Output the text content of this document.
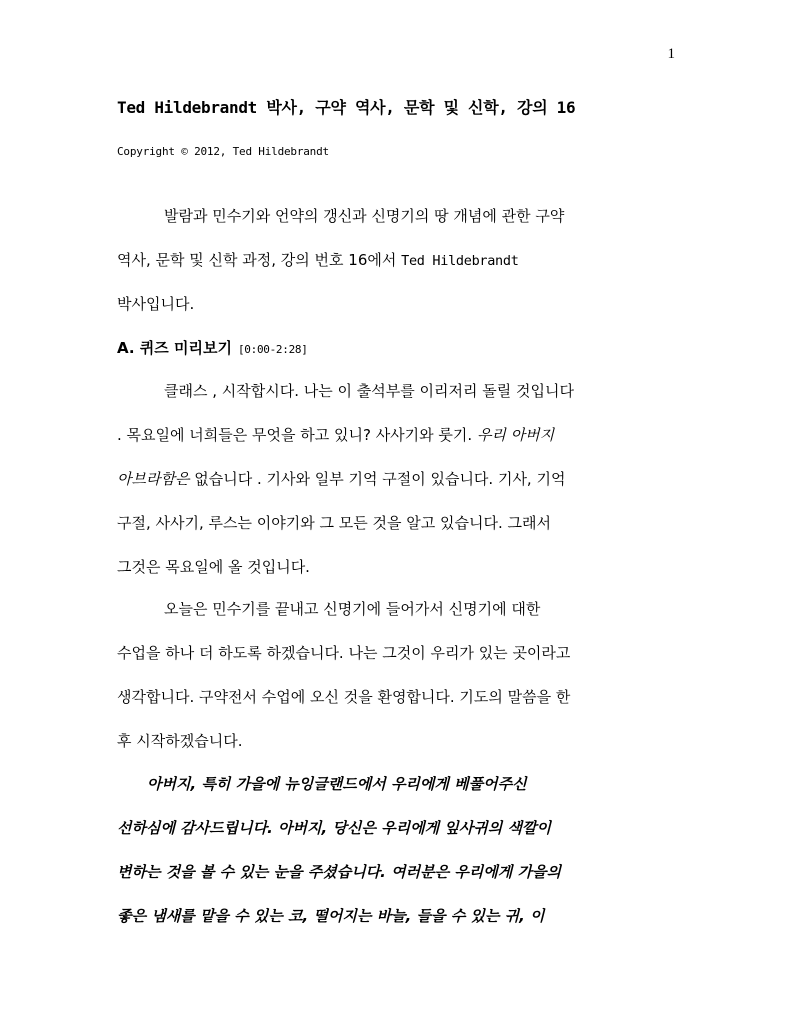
1
Ted Hildebrandt 박사, 구약 역사, 문학 및 신학, 강의 16
Copyright © 2012, Ted Hildebrandt
발람과 민수기와 언약의 갱신과 신명기의 땅 개념에 관한 구약
역사, 문학 및 신학 과정, 강의 번호 16에서 Ted Hildebrandt
박사입니다.
A. 퀴즈 미리보기 [0:00-2:28]
클래스 , 시작합시다. 나는 이 출석부를 이리저리 돌릴 것입니다
. 목요일에 너희들은 무엇을 하고 있니? 사사기와 룻기. 우리 아버지
아브라함은 없습니다 . 기사와 일부 기억 구절이 있습니다. 기사, 기억
구절, 사사기, 루스는 이야기와 그 모든 것을 알고 있습니다. 그래서
그것은 목요일에 올 것입니다.
오늘은 민수기를 끝내고 신명기에 들어가서 신명기에 대한
수업을 하나 더 하도록 하겠습니다. 나는 그것이 우리가 있는 곳이라고
생각합니다. 구약전서 수업에 오신 것을 환영합니다. 기도의 말씀을 한
후 시작하겠습니다.
아버지, 특히 가을에 뉴잉글랜드에서 우리에게 베풀어주신
선하심에 감사드립니다. 아버지, 당신은 우리에게 잎사귀의 색깔이
변하는 것을 볼 수 있는 눈을 주셨습니다. 여러분은 우리에게 가을의
좋은 냄새를 맡을 수 있는 코, 떨어지는 바늘, 들을 수 있는 귀, 이
